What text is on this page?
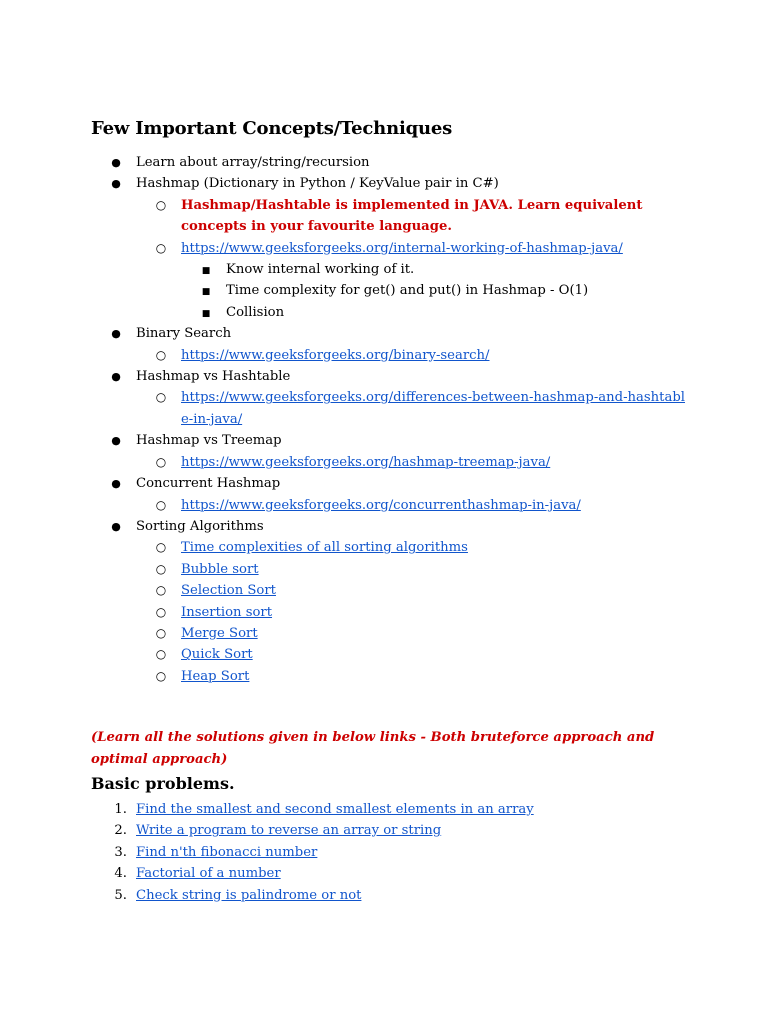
Few Important Concepts/Techniques
●
Learn about array/string/recursion
●
Hashmap (Dictionary in Python / KeyValue pair in C#)
○
Hashmap/Hashtable is implemented in JAVA. Learn equivalent concepts in your favourite language.
○
https://www.geeksforgeeks.org/internal-working-of-hashmap-java/
■
Know internal working of it.
■
Time complexity for get() and put() in Hashmap - O(1)
■
Collision
●
Binary Search
○
https://www.geeksforgeeks.org/binary-search/
●
Hashmap vs Hashtable
○
https://www.geeksforgeeks.org/differences-between-hashmap-and-hashtable-in-java/
●
Hashmap vs Treemap
○
https://www.geeksforgeeks.org/hashmap-treemap-java/
●
Concurrent Hashmap
○
https://www.geeksforgeeks.org/concurrenthashmap-in-java/
●
Sorting Algorithms
○
Time complexities of all sorting algorithms
○
Bubble sort
○
Selection Sort
○
Insertion sort
○
Merge Sort
○
Quick Sort
○
Heap Sort
(Learn all the solutions given in below links - Both bruteforce approach and optimal approach)
Basic problems.
1. Find the smallest and second smallest elements in an array
2. Write a program to reverse an array or string
3. Find n'th fibonacci number
4. Factorial of a number
5. Check string is palindrome or not
